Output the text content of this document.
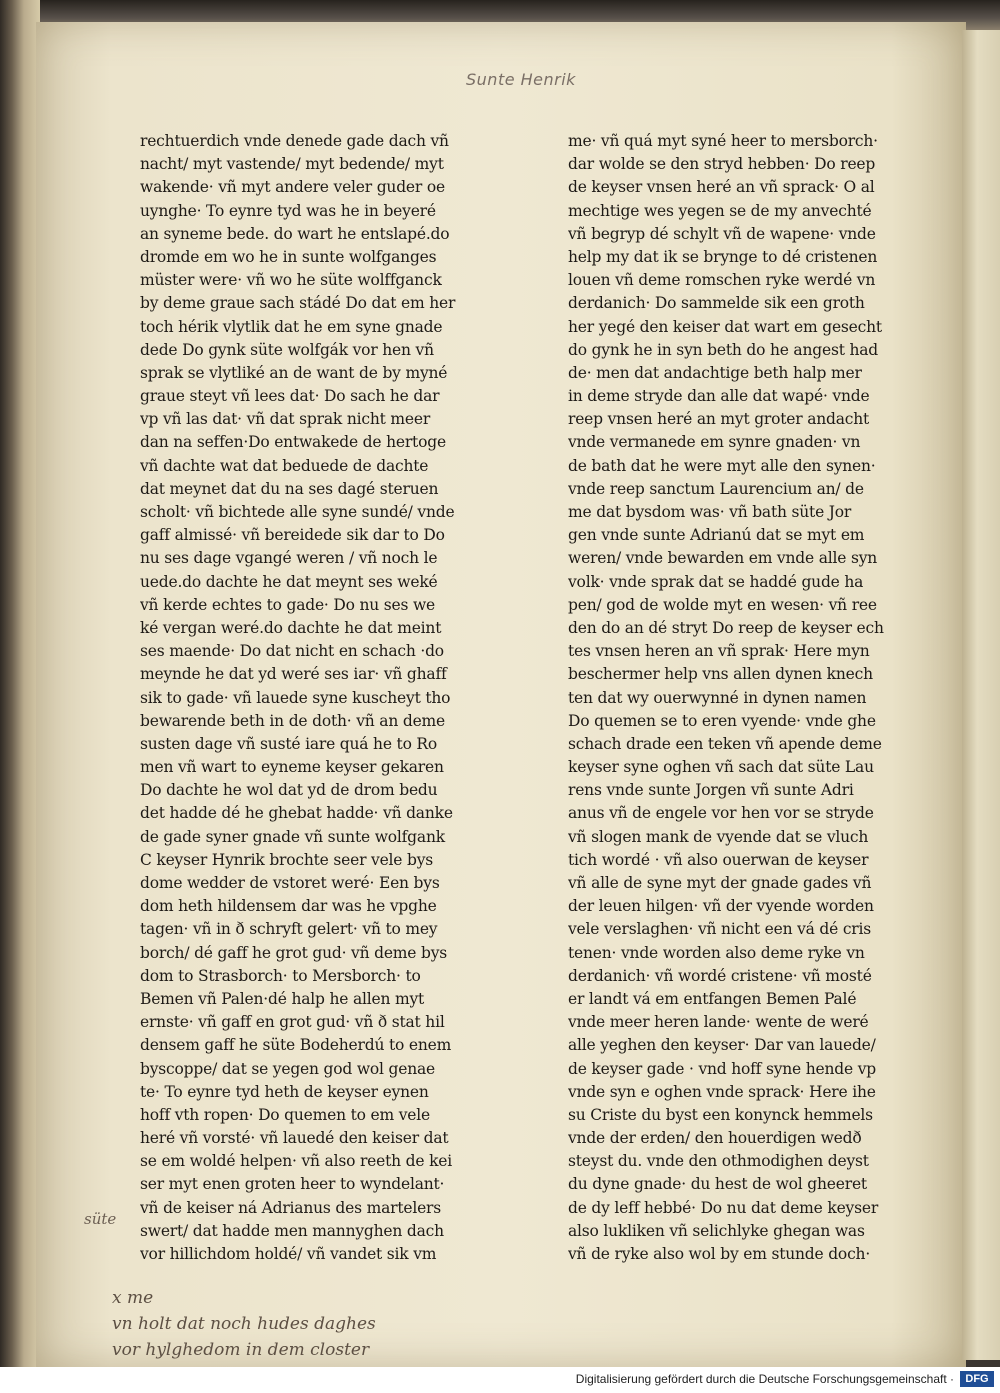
Sunte Henrik
rechtuerdich vnde denede gade dach vñ
nacht/ myt vastende/ myt bedende/ myt
wakende· vñ myt andere veler guder oe
uynghe· To eynre tyd was he in beyeré
an syneme bede. do wart he entslapé.do
dromde em wo he in sunte wolfganges
müster were· vñ wo he süte wolffganck
by deme graue sach stádé Do dat em her
toch hérik vlytlik dat he em syne gnade
dede Do gynk süte wolfgák vor hen vñ
sprak se vlytliké an de want de by myné
graue steyt vñ lees dat· Do sach he dar
vp vñ las dat· vñ dat sprak nicht meer
dan na seffen·Do entwakede de hertoge
vñ dachte wat dat beduede de dachte
dat meynet dat du na ses dagé steruen
scholt· vñ bichtede alle syne sundé/ vnde
gaff almissé· vñ bereidede sik dar to Do
nu ses dage vgangé weren / vñ noch le
uede.do dachte he dat meynt ses weké
vñ kerde echtes to gade· Do nu ses we
ké vergan weré.do dachte he dat meint
ses maende· Do dat nicht en schach ·do
meynde he dat yd weré ses iar· vñ ghaff
sik to gade· vñ lauede syne kuscheyt tho
bewarende beth in de doth· vñ an deme
susten dage vñ susté iare quá he to Ro
men vñ wart to eyneme keyser gekaren
Do dachte he wol dat yd de drom bedu
det hadde dé he ghebat hadde· vñ danke
de gade syner gnade vñ sunte wolfgank
C keyser Hynrik brochte seer vele bys
dome wedder de vstoret weré· Een bys
dom heth hildensem dar was he vpghe
tagen· vñ in ð schryft gelert· vñ to mey
borch/ dé gaff he grot gud· vñ deme bys
dom to Strasborch· to Mersborch· to
Bemen vñ Palen·dé halp he allen myt
ernste· vñ gaff en grot gud· vñ ð stat hil
densem gaff he süte Bodeherdú to enem
byscoppe/ dat se yegen god wol genae
te· To eynre tyd heth de keyser eynen
hoff vth ropen· Do quemen to em vele
heré vñ vorsté· vñ lauedé den keiser dat
se em woldé helpen· vñ also reeth de kei
ser myt enen groten heer to wyndelant·
vñ de keiser ná Adrianus des martelers
swert/ dat hadde men mannyghen dach
vor hillichdom holdé/ vñ vandet sik vm
me· vñ quá myt syné heer to mersborch·
dar wolde se den stryd hebben· Do reep
de keyser vnsen heré an vñ sprack· O al
mechtige wes yegen se de my anvechté
vñ begryp dé schylt vñ de wapene· vnde
help my dat ik se brynge to dé cristenen
louen vñ deme romschen ryke werdé vn
derdanich· Do sammelde sik een groth
her yegé den keiser dat wart em gesecht
do gynk he in syn beth do he angest had
de· men dat andachtige beth halp mer
in deme stryde dan alle dat wapé· vnde
reep vnsen heré an myt groter andacht
vnde vermanede em synre gnaden· vn
de bath dat he were myt alle den synen·
vnde reep sanctum Laurencium an/ de
me dat bysdom was· vñ bath süte Jor
gen vnde sunte Adrianú dat se myt em
weren/ vnde bewarden em vnde alle syn
volk· vnde sprak dat se haddé gude ha
pen/ god de wolde myt en wesen· vñ ree
den do an dé stryt Do reep de keyser ech
tes vnsen heren an vñ sprak· Here myn
beschermer help vns allen dynen knech
ten dat wy ouerwynné in dynen namen
Do quemen se to eren vyende· vnde ghe
schach drade een teken vñ apende deme
keyser syne oghen vñ sach dat süte Lau
rens vnde sunte Jorgen vñ sunte Adri
anus vñ de engele vor hen vor se stryde
vñ slogen mank de vyende dat se vluch
tich wordé · vñ also ouerwan de keyser
vñ alle de syne myt der gnade gades vñ
der leuen hilgen· vñ der vyende worden
vele verslaghen· vñ nicht een vá dé cris
tenen· vnde worden also deme ryke vn
derdanich· vñ wordé cristene· vñ mosté
er landt vá em entfangen Bemen Palé
vnde meer heren lande· wente de weré
alle yeghen den keyser· Dar van lauede/
de keyser gade · vnd hoff syne hende vp
vnde syn e oghen vnde sprack· Here ihe
su Criste du byst een konynck hemmels
vnde der erden/ den houerdigen wedð
steyst du. vnde den othmodighen deyst
du dyne gnade· du hest de wol gheeret
de dy leff hebbé· Do nu dat deme keyser
also lukliken vñ selichlyke ghegan was
vñ de ryke also wol by em stunde doch·
süte
x me
vn holt dat noch hudes daghes
vor hylghedom in dem closter
Digitalisierung gefördert durch die Deutsche Forschungsgemeinschaft ·	DFG
